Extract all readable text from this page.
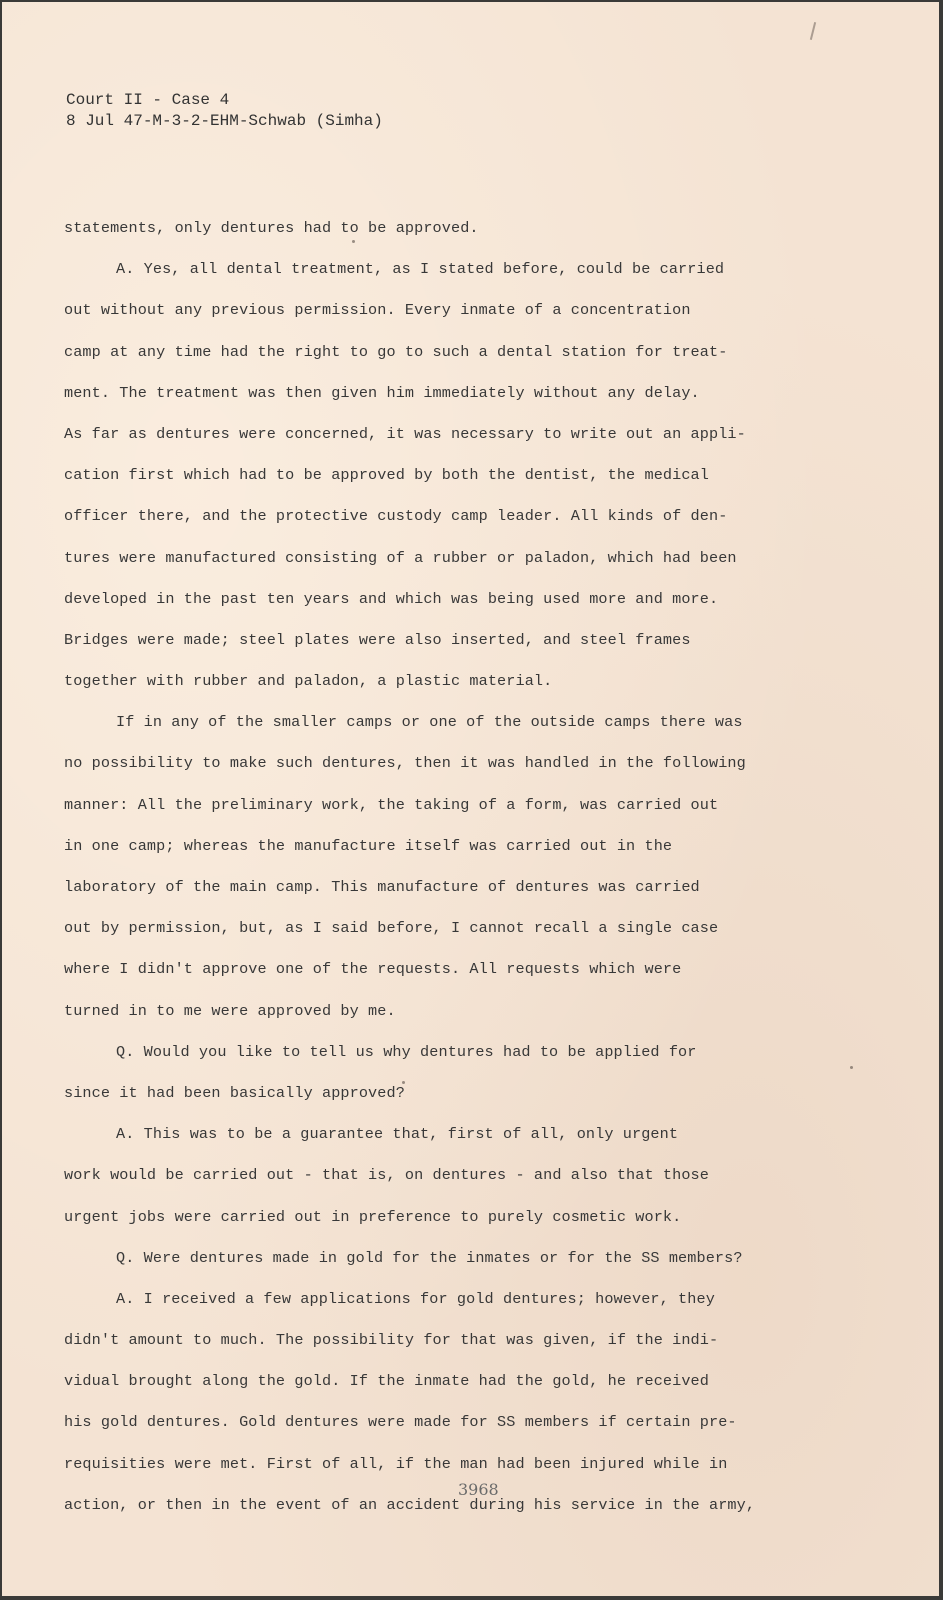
Court II - Case 4
8 Jul 47-M-3-2-EHM-Schwab (Simha)
statements, only dentures had to be approved.
A. Yes, all dental treatment, as I stated before, could be carried
out without any previous permission. Every inmate of a concentration
camp at any time had the right to go to such a dental station for treat-
ment. The treatment was then given him immediately without any delay.
As far as dentures were concerned, it was necessary to write out an appli-
cation first which had to be approved by both the dentist, the medical
officer there, and the protective custody camp leader. All kinds of den-
tures were manufactured consisting of a rubber or paladon, which had been
developed in the past ten years and which was being used more and more.
Bridges were made; steel plates were also inserted, and steel frames
together with rubber and paladon, a plastic material.
If in any of the smaller camps or one of the outside camps there was
no possibility to make such dentures, then it was handled in the following
manner: All the preliminary work, the taking of a form, was carried out
in one camp; whereas the manufacture itself was carried out in the
laboratory of the main camp. This manufacture of dentures was carried
out by permission, but, as I said before, I cannot recall a single case
where I didn't approve one of the requests. All requests which were
turned in to me were approved by me.
Q. Would you like to tell us why dentures had to be applied for
since it had been basically approved?
A. This was to be a guarantee that, first of all, only urgent
work would be carried out - that is, on dentures - and also that those
urgent jobs were carried out in preference to purely cosmetic work.
Q. Were dentures made in gold for the inmates or for the SS members?
A. I received a few applications for gold dentures; however, they
didn't amount to much. The possibility for that was given, if the indi-
vidual brought along the gold. If the inmate had the gold, he received
his gold dentures. Gold dentures were made for SS members if certain pre-
requisities were met. First of all, if the man had been injured while in
action, or then in the event of an accident during his service in the army,
3968
